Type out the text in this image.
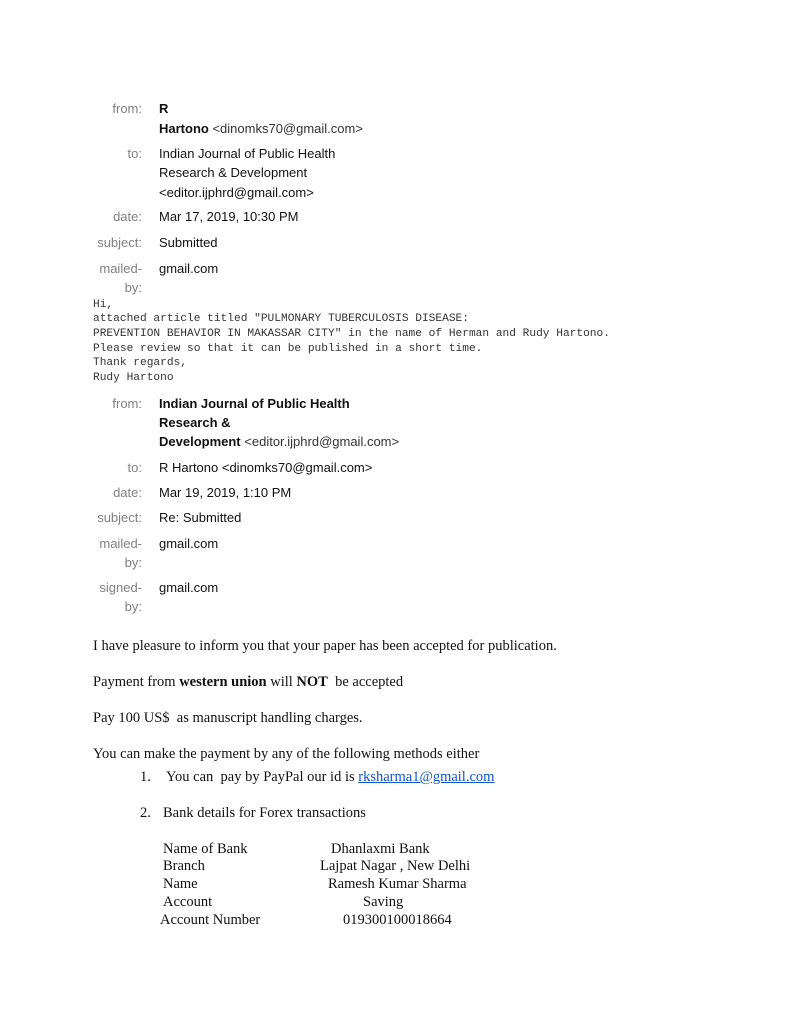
from: R
Hartono <dinomks70@gmail.com>
to: Indian Journal of Public Health
Research & Development
<editor.ijphrd@gmail.com>
date: Mar 17, 2019, 10:30 PM
subject: Submitted
mailed-
by:
gmail.com
Hi,
attached article titled "PULMONARY TUBERCULOSIS DISEASE:
PREVENTION BEHAVIOR IN MAKASSAR CITY" in the name of Herman and Rudy Hartono.
Please review so that it can be published in a short time.
Thank regards,
Rudy Hartono
from: Indian Journal of Public Health
Research &
Development <editor.ijphrd@gmail.com>
to: R Hartono <dinomks70@gmail.com>
date: Mar 19, 2019, 1:10 PM
subject: Re: Submitted
mailed-
by:
gmail.com
signed-
by:
gmail.com
I have pleasure to inform you that your paper has been accepted for publication.
Payment from western union will NOT  be accepted
Pay 100 US$  as manuscript handling charges.
You can make the payment by any of the following methods either
1. You can  pay by PayPal our id is rksharma1@gmail.com
2. Bank details for Forex transactions
Name of Bank	Dhanlaxmi Bank
Branch	Lajpat Nagar , New Delhi
Name	Ramesh Kumar Sharma
Account	Saving
Account Number	019300100018664
